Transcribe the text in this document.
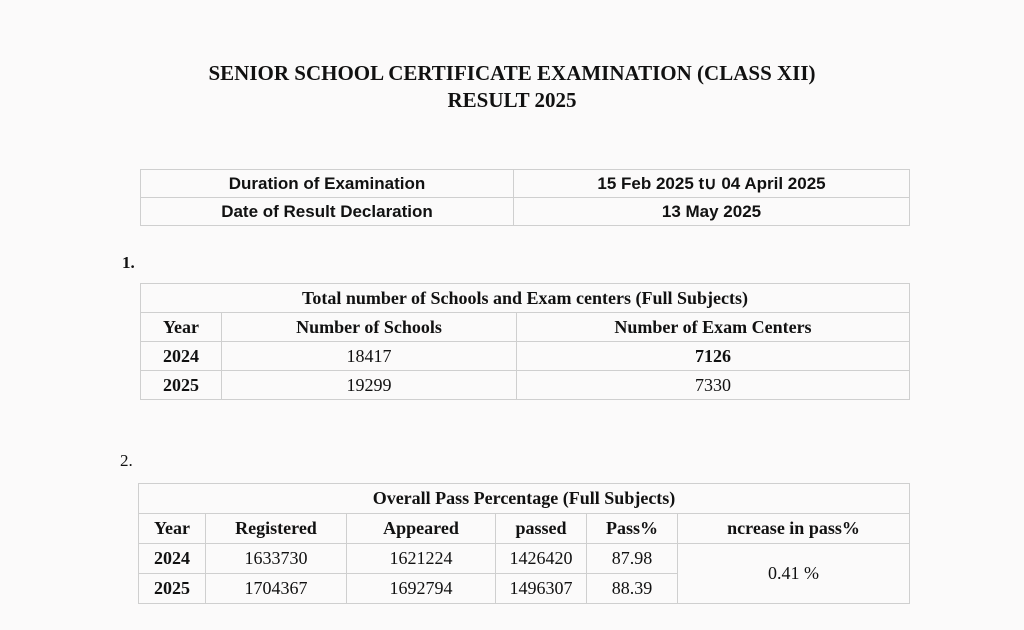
SENIOR SCHOOL CERTIFICATE EXAMINATION (CLASS XII)
RESULT 2025
Duration of Examination	15 Feb 2025 t∪ 04 April 2025
Date of Result Declaration	13 May 2025
1.
Total number of Schools and Exam centers (Full Subjects)		
Year	Number of Schools	Number of Exam Centers
2024	18417	7126
2025	19299	7330
2.
Overall Pass Percentage (Full Subjects)					
Year	Registered	Appeared	passed	Pass%	ncrease in pass%
2024	1633730	1621224	1426420	87.98	0.41 %
2025	1704367	1692794	1496307	88.39	
